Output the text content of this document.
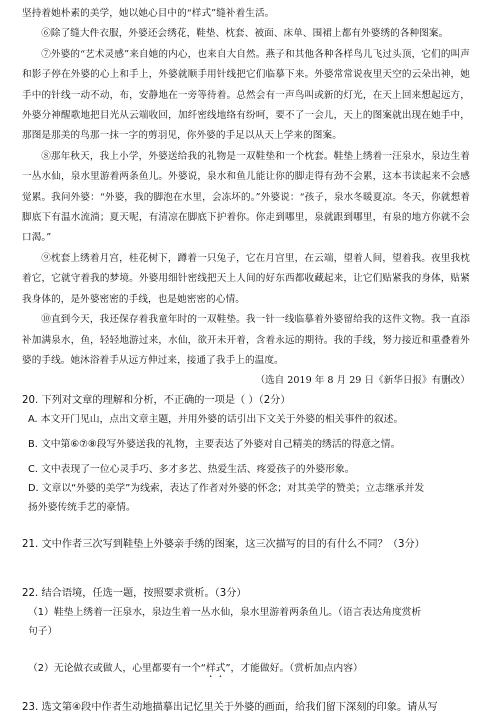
坚持着她朴素的美学，她以她心目中的“样式”缝补着生活。

⑥除了缝大件衣服，外婆还会绣花，鞋垫、枕套、被面、床单、围裙上都有外婆绣的各种图案。

⑦外婆的“艺术灵感”来自她的内心，也来自大自然。燕子和其他各种各样鸟儿飞过头顶，它们的叫声和影子停在外婆的心上和手上，外婆就顺手用针线把它们临摹下来。外婆常常说夜里天空的云朵出神，她手中的针线一动不动，布，安静地在一旁等待着。总然会有一声鸟叫或新的灯光，在天上回来想起远方，外婆分神醒歌地把目光从云端收回，加纤密线地络有纷呵，要不了一会儿，天上的图案就出现在她手中，那图是那美的鸟那一抹一字的剪羽见，你外婆的手足以从天上学来的图案。

⑧那年秋天，我上小学，外婆送给我的礼物是一双鞋垫和一个枕套。鞋垫上绣着一汪泉水，泉边生着一丛水仙，泉水里游着两条鱼儿。外婆说，泉水和鱼儿能让你的脚走得有劲不会累，这本书读起来不会感觉累。我问外婆：“外婆，我的脚泡在水里，会冻坏的。”外婆说：“孩子，泉水冬暖夏凉。冬天，你就想着脚底下有温水流淌；夏天呢，有清凉在脚底下护着你。你走到哪里，泉就跟到哪里，有泉的地方你就不会口渴。”

⑨枕套上绣着月宫，桂花树下，蹲着一只兔子，它在月宫里，在云端，望着人间，望着我。夜里我枕着它，它就守着我的梦境。外婆用细针密线把天上人间的好东西都收藏起来，让它们贴紧我的身体，贴紧我身体的，是外婆密密的手线，也是她密密的心情。

⑩直到今天，我还保存着我童年时的一双鞋垫。我一针一线临摹着外婆留给我的这件文物。我一直添补加满泉水，鱼，轻轻地游过来，水仙，欲开未开着，含着永远的期待。我的手线，努力接近和重叠着外婆的手线。她沐浴着手从远方伸过来，接通了我手上的温度。

（选自 2019 年 8 月 29 日《新华日报》有删改）

20. 下列对文章的理解和分析，不正确的一项是（ ）（2分）

A. 本文开门见山，点出文章主题，并用外婆的话引出下文关于外婆的相关事件的叙述。

B. 文中第⑥⑦⑧段写外婆送我的礼物，主要表达了外婆对自己精美的绣活的得意之情。

C. 文中表现了一位心灵手巧、多才多艺、热爱生活、疼爱孩子的外婆形象。

D. 文章以“外婆的美学”为线索，表达了作者对外婆的怀念；对其美学的赞美；立志继承并发

扬外婆传统手艺的豪情。

21. 文中作者三次写到鞋垫上外婆亲手绣的图案，这三次描写的目的有什么不同？（3分）

22. 结合语境，任选一题，按照要求赏析。（3分）

（1）鞋垫上绣着一汪泉水，泉边生着一丛水仙，泉水里游着两条鱼儿。（语言表达角度赏析

句子）

（2）无论做衣或做人，心里都要有一个“样式”，才能做好。（赏析加点内容）

23. 选文第④段中作者生动地描摹出记忆里关于外婆的画面，给我们留下深刻的印象。请从写
